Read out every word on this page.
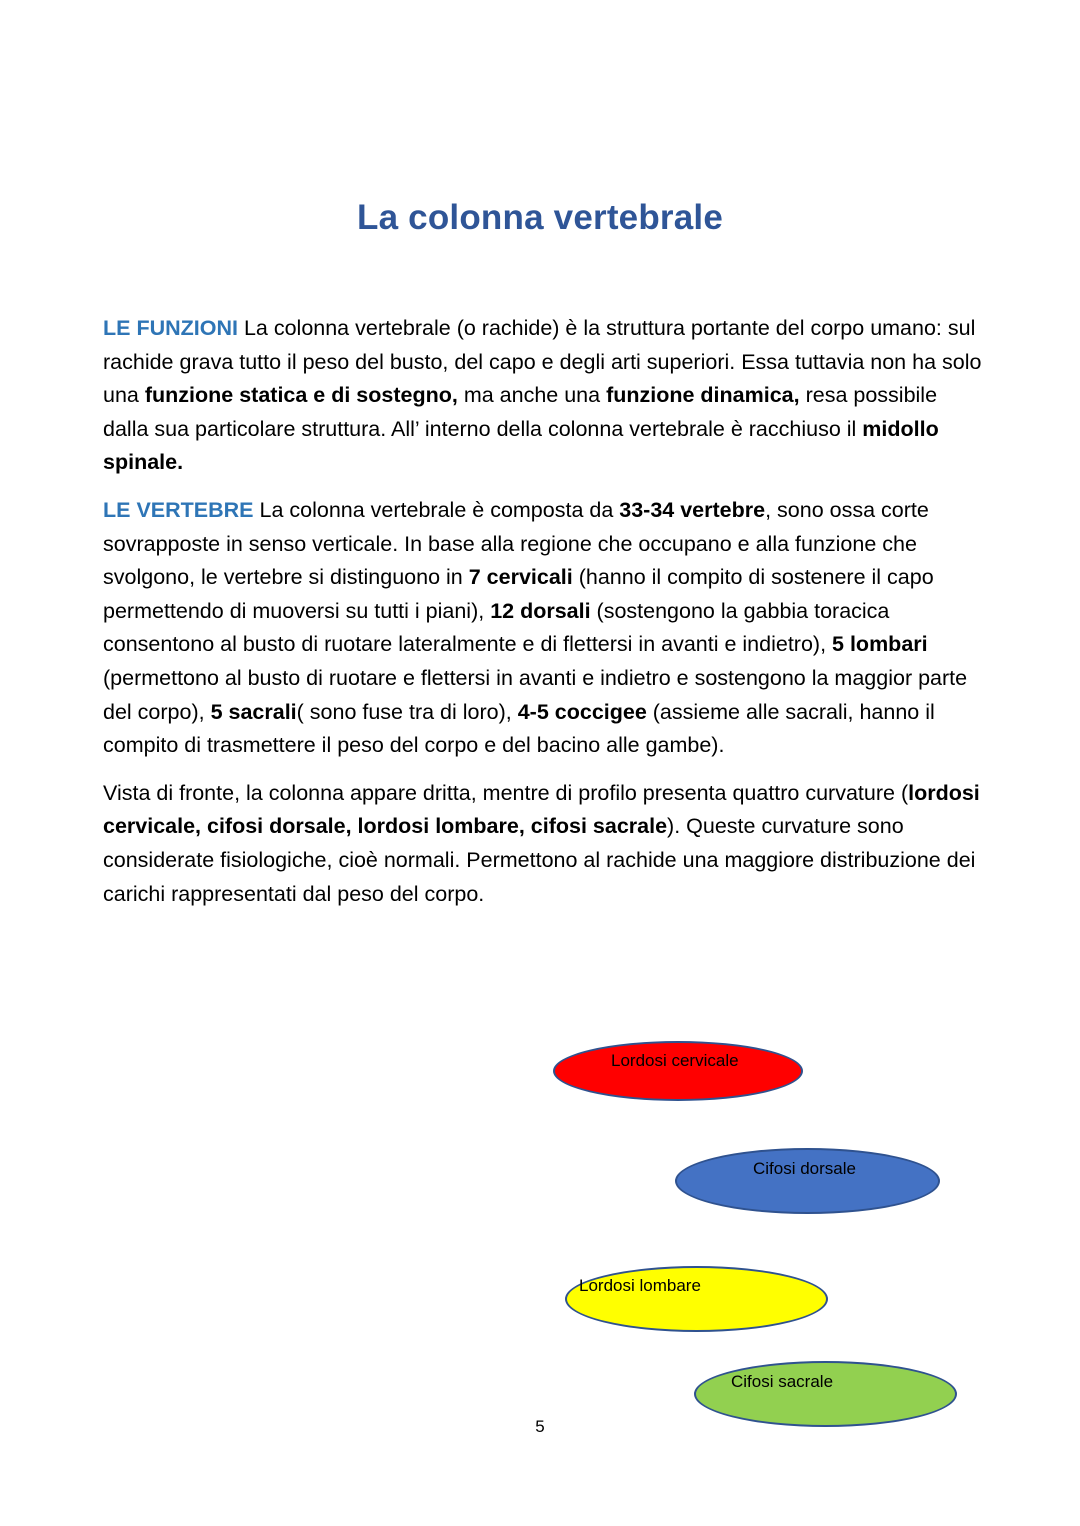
La colonna vertebrale

LE FUNZIONI La colonna vertebrale (o rachide) è la struttura portante del corpo umano: sul rachide grava tutto il peso del busto, del capo e degli arti superiori. Essa tuttavia non ha solo una funzione statica e di sostegno, ma anche una funzione dinamica, resa possibile dalla sua particolare struttura. All’ interno della colonna vertebrale è racchiuso il midollo spinale.

LE VERTEBRE La colonna vertebrale è composta da 33-34 vertebre, sono ossa corte sovrapposte in senso verticale. In base alla regione che occupano e alla funzione che svolgono, le vertebre si distinguono in 7 cervicali (hanno il compito di sostenere il capo permettendo di muoversi su tutti i piani), 12 dorsali (sostengono la gabbia toracica consentono al busto di ruotare lateralmente e di flettersi in avanti e indietro), 5 lombari (permettono al busto di ruotare e flettersi in avanti e indietro e sostengono la maggior parte del corpo), 5 sacrali( sono fuse tra di loro), 4-5 coccigee (assieme alle sacrali, hanno il compito di trasmettere il peso del corpo e del bacino alle gambe).

Vista di fronte, la colonna appare dritta, mentre di profilo presenta quattro curvature (lordosi cervicale, cifosi dorsale, lordosi lombare, cifosi sacrale). Queste curvature sono considerate fisiologiche, cioè normali. Permettono al rachide una maggiore distribuzione dei carichi rappresentati dal peso del corpo.

Lordosi cervicale
Cifosi dorsale
Lordosi lombare
Cifosi sacrale
5
